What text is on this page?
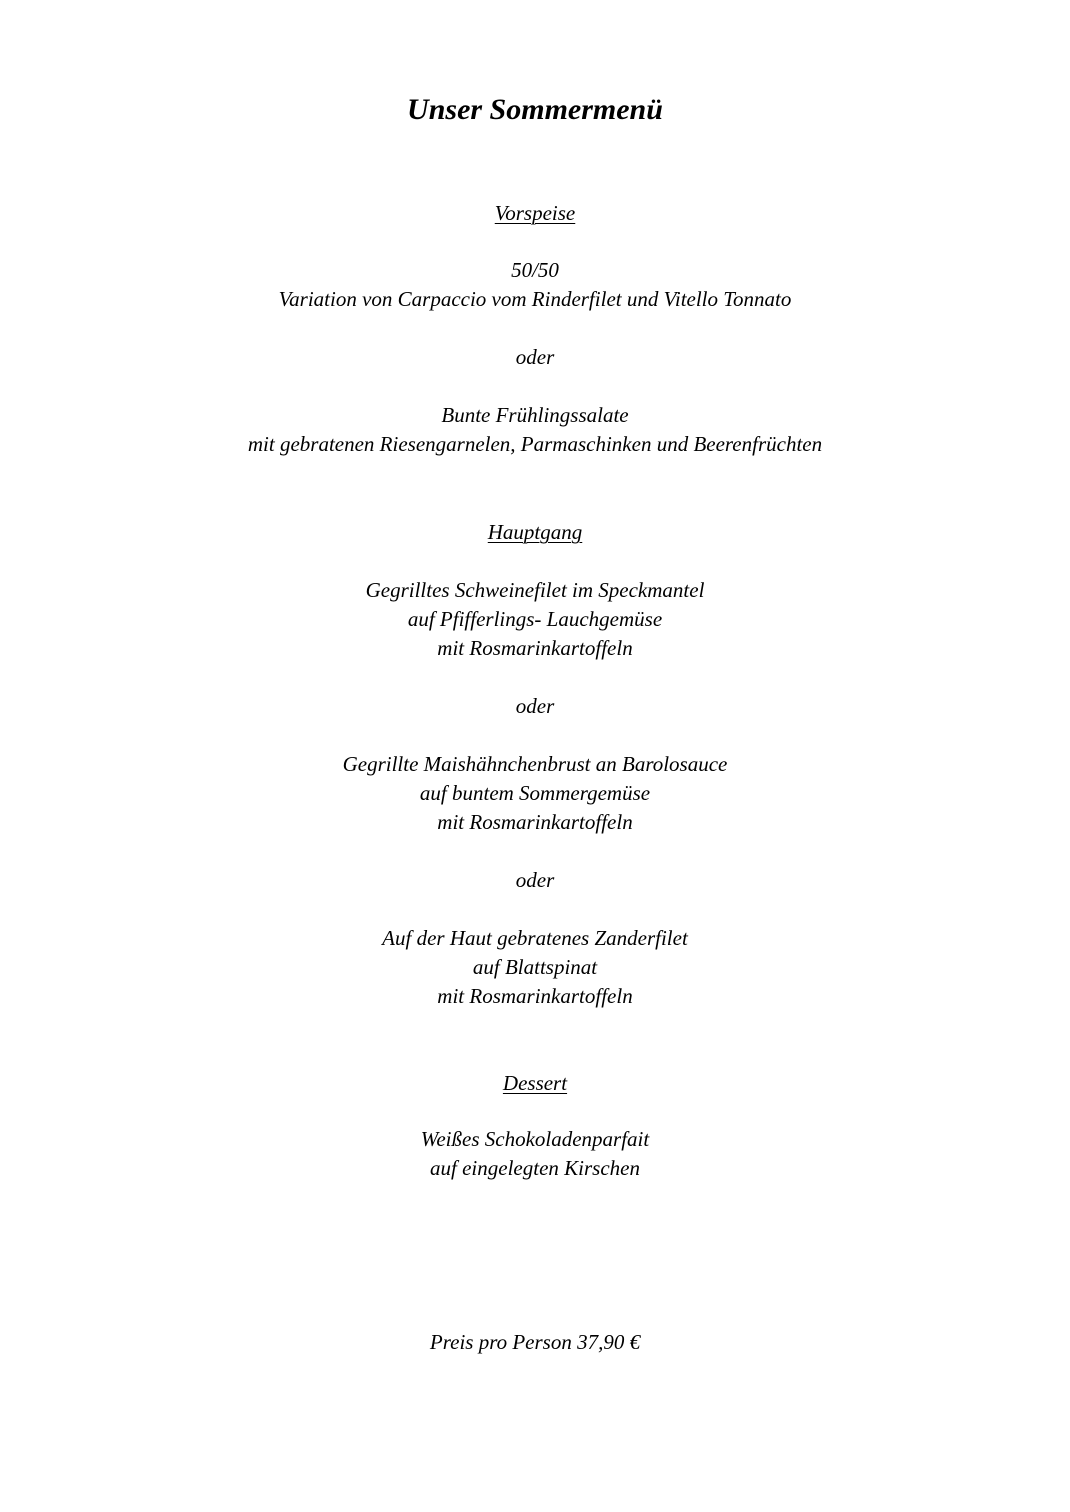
Unser Sommermenü
Vorspeise
50/50
Variation von Carpaccio vom Rinderfilet und Vitello Tonnato
oder
Bunte Frühlingssalate
mit gebratenen Riesengarnelen, Parmaschinken und Beerenfrüchten
Hauptgang
Gegrilltes Schweinefilet im Speckmantel
auf Pfifferlings- Lauchgemüse
mit Rosmarinkartoffeln
oder
Gegrillte Maishähnchenbrust an Barolosauce
auf buntem Sommergemüse
mit Rosmarinkartoffeln
oder
Auf der Haut gebratenes Zanderfilet
auf Blattspinat
mit Rosmarinkartoffeln
Dessert
Weißes Schokoladenparfait
auf eingelegten Kirschen
Preis pro Person 37,90 €
